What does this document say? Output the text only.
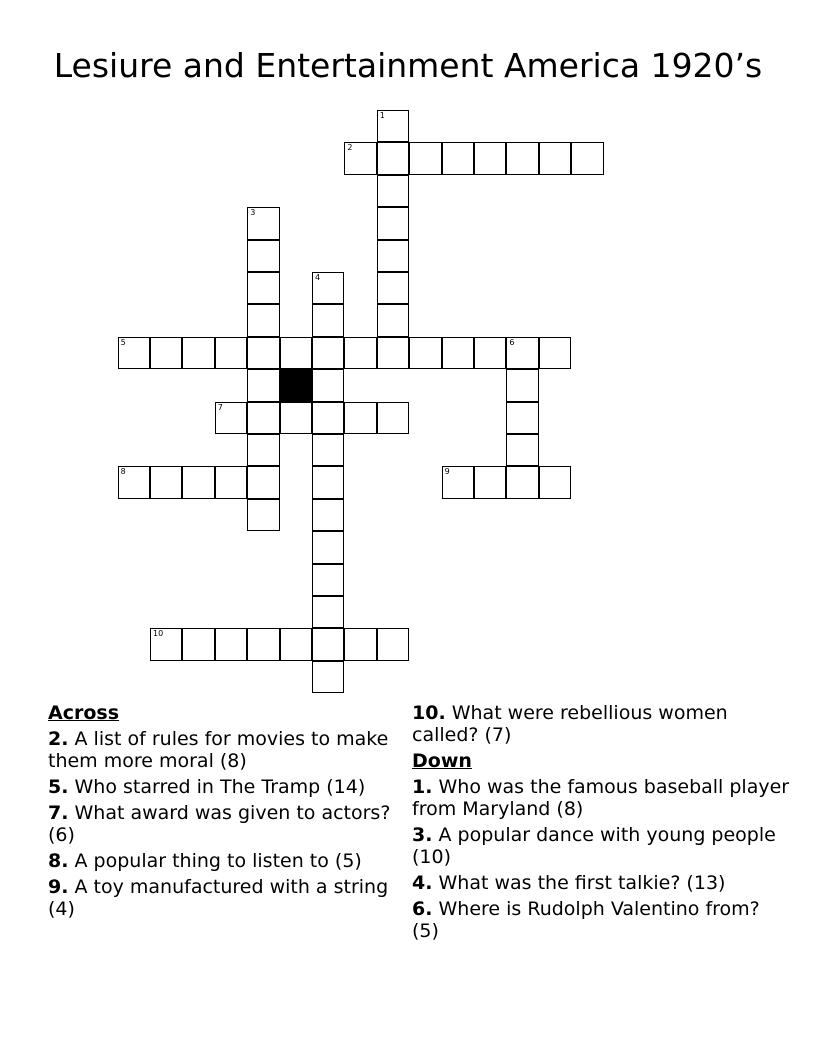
Lesiure and Entertainment America 1920’s
2
5	6
7
8	9
10
1
3
4
Across
2. A list of rules for movies to make them more moral (8)
5. Who starred in The Tramp (14)
7. What award was given to actors? (6)
8. A popular thing to listen to (5)
9. A toy manufactured with a string (4)
10. What were rebellious women called? (7)
Down
1. Who was the famous baseball player from Maryland (8)
3. A popular dance with young people (10)
4. What was the first talkie? (13)
6. Where is Rudolph Valentino from? (5)
